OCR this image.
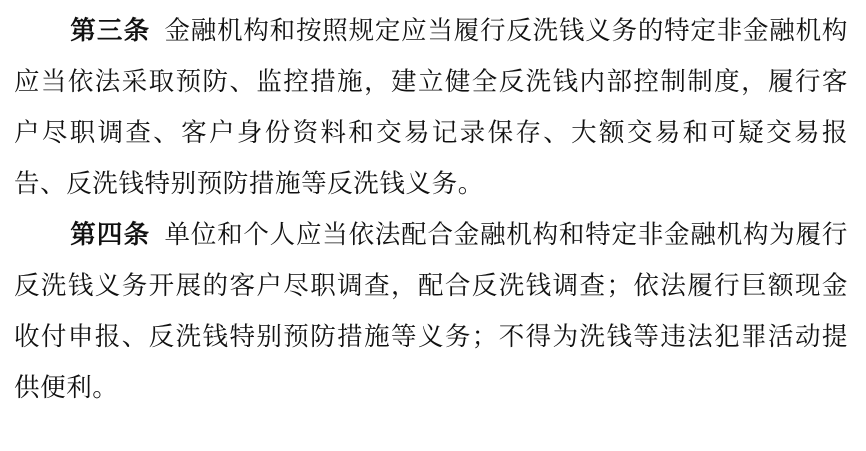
第三条 金融机构和按照规定应当履行反洗钱义务的特定非金融机构应当依法采取预防、监控措施，建立健全反洗钱内部控制制度，履行客户尽职调查、客户身份资料和交易记录保存、大额交易和可疑交易报告、反洗钱特别预防措施等反洗钱义务。

第四条 单位和个人应当依法配合金融机构和特定非金融机构为履行反洗钱义务开展的客户尽职调查，配合反洗钱调查；依法履行巨额现金收付申报、反洗钱特别预防措施等义务；不得为洗钱等违法犯罪活动提供便利。
